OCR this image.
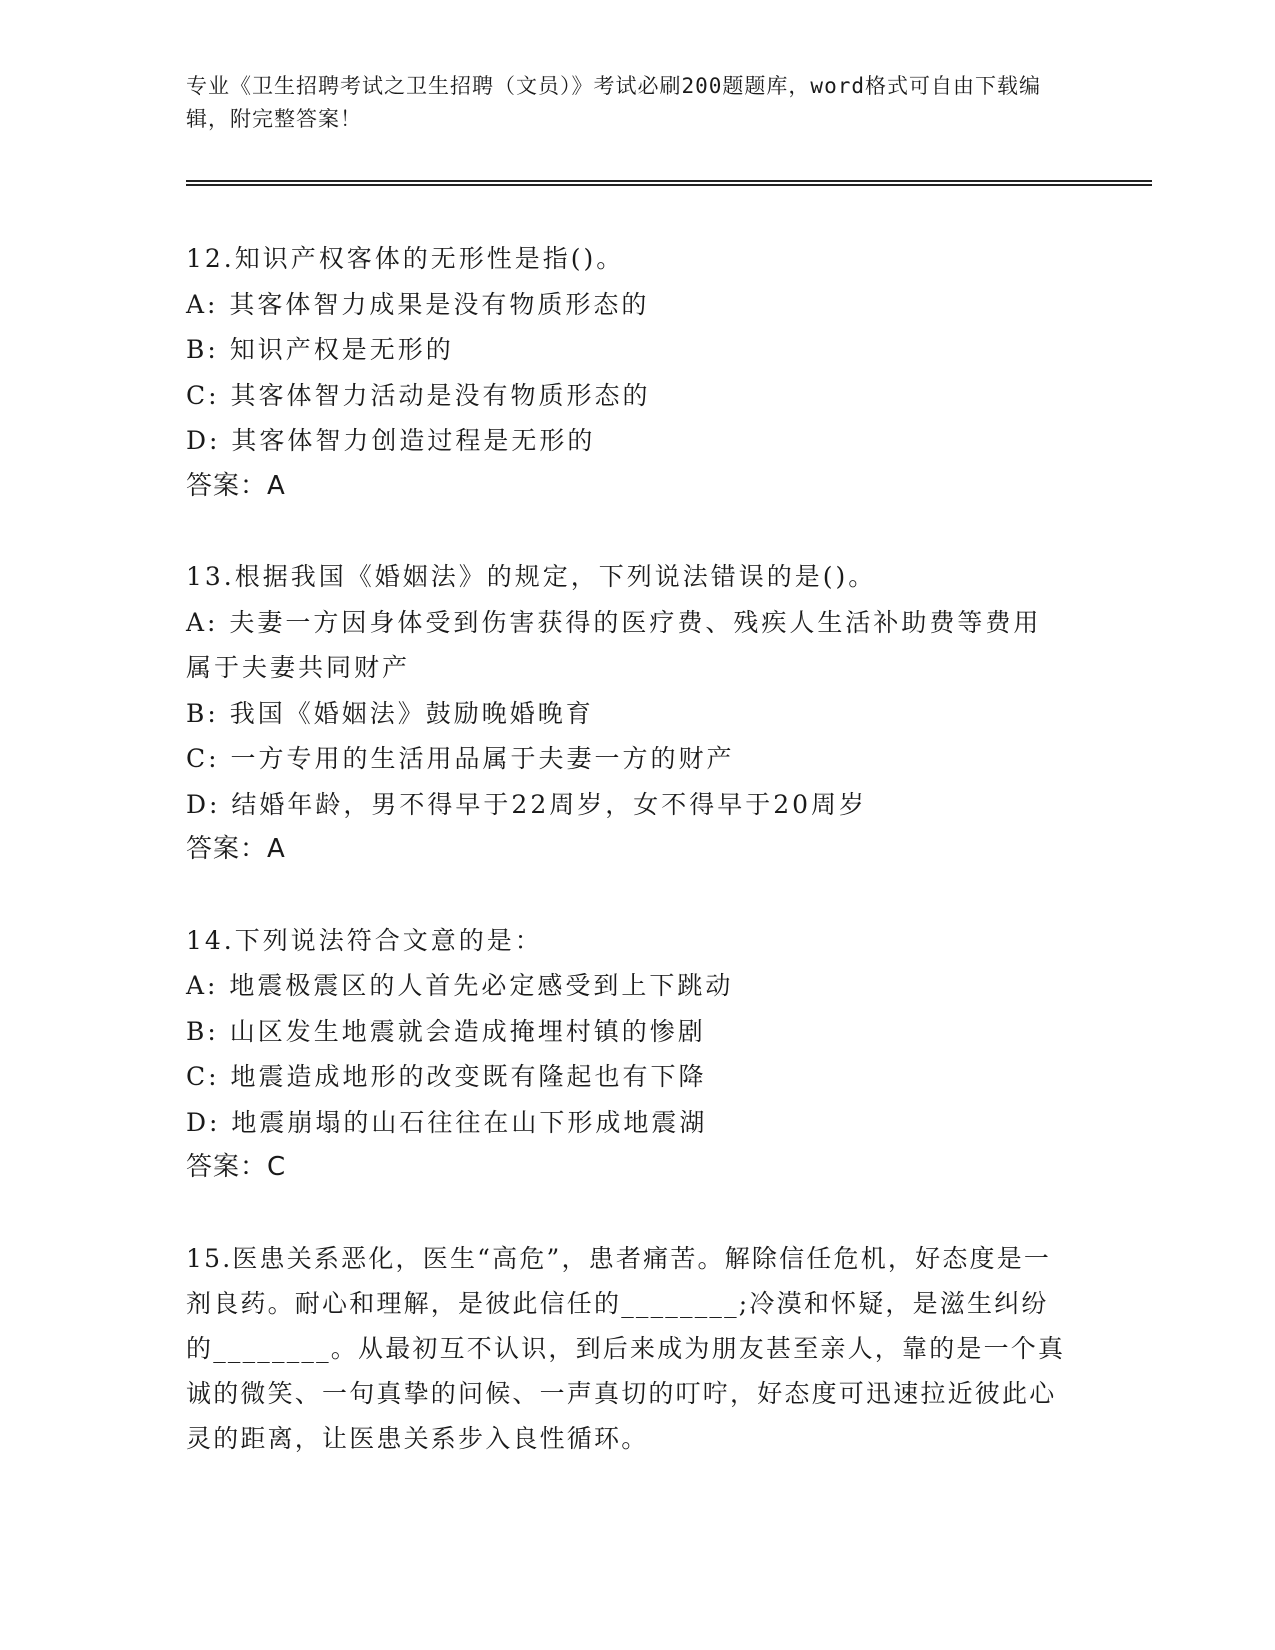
专业《卫生招聘考试之卫生招聘（文员）》考试必刷200题题库，word格式可自由下载编辑，附完整答案！

12.知识产权客体的无形性是指()。
A: 其客体智力成果是没有物质形态的
B: 知识产权是无形的
C: 其客体智力活动是没有物质形态的
D: 其客体智力创造过程是无形的
答案：A
13.根据我国《婚姻法》的规定，下列说法错误的是()。
A: 夫妻一方因身体受到伤害获得的医疗费、残疾人生活补助费等费用属于夫妻共同财产
B: 我国《婚姻法》鼓励晚婚晚育
C: 一方专用的生活用品属于夫妻一方的财产
D: 结婚年龄，男不得早于22周岁，女不得早于20周岁
答案：A
14.下列说法符合文意的是：
A: 地震极震区的人首先必定感受到上下跳动
B: 山区发生地震就会造成掩埋村镇的惨剧
C: 地震造成地形的改变既有隆起也有下降
D: 地震崩塌的山石往往在山下形成地震湖
答案：C
15.医患关系恶化，医生“高危”，患者痛苦。解除信任危机，好态度是一剂良药。耐心和理解，是彼此信任的________;冷漠和怀疑，是滋生纠纷的________。从最初互不认识，到后来成为朋友甚至亲人，靠的是一个真诚的微笑、一句真挚的问候、一声真切的叮咛，好态度可迅速拉近彼此心灵的距离，让医患关系步入良性循环。
